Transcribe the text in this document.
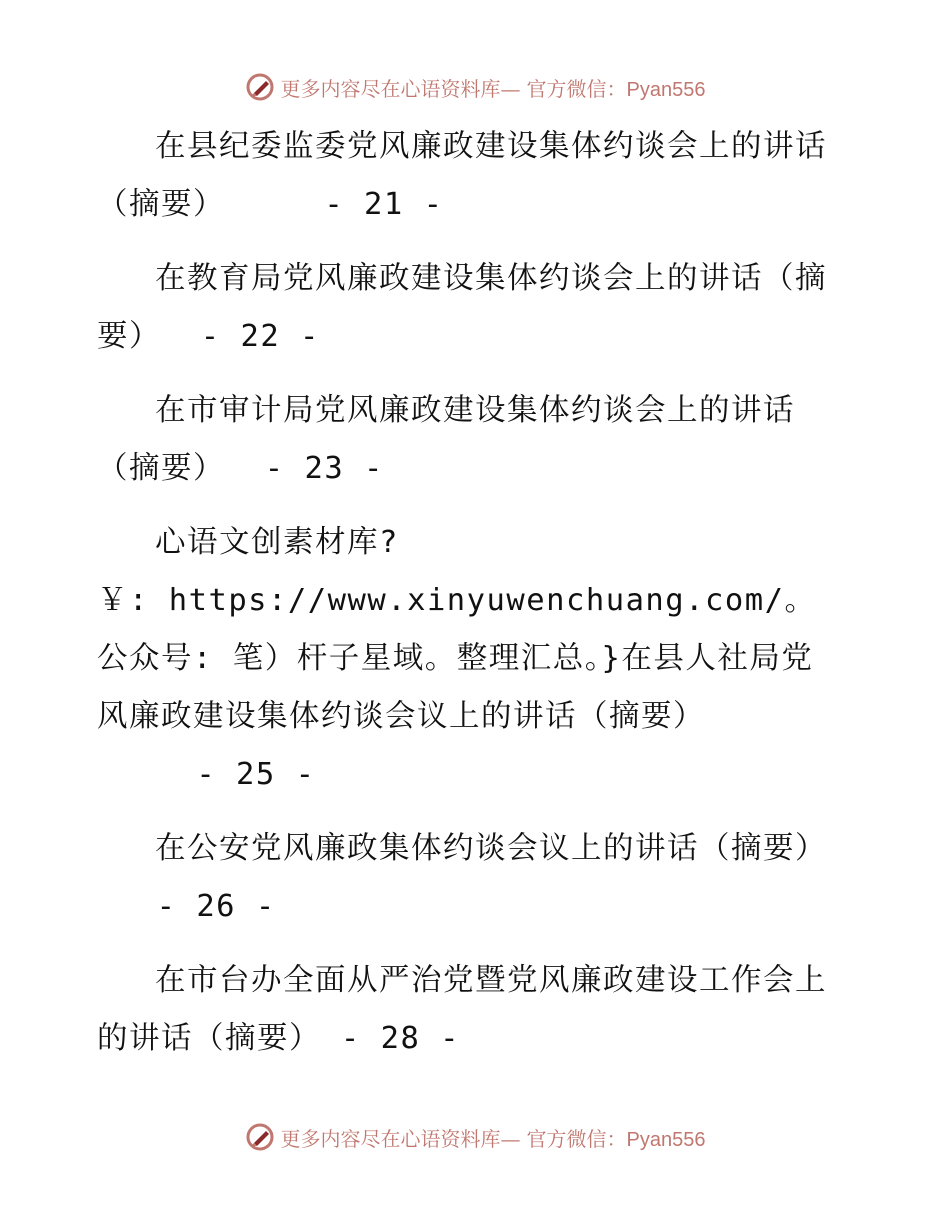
更多内容尽在心语资料库— 官方微信：Pyan556
在县纪委监委党风廉政建设集体约谈会上的讲话（摘要）     - 21 -
在教育局党风廉政建设集体约谈会上的讲话（摘要）  - 22 -
在市审计局党风廉政建设集体约谈会上的讲话（摘要）  - 23 -
心语文创素材库?
￥: https://www.xinyuwenchuang.com/。公众号: 笔）杆子星域。整理汇总。}在县人社局党风廉政建设集体约谈会议上的讲话（摘要）     - 25 -
在公安党风廉政集体约谈会议上的讲话（摘要）   - 26 -
在市台办全面从严治党暨党风廉政建设工作会上的讲话（摘要） - 28 -
更多内容尽在心语资料库— 官方微信：Pyan556
